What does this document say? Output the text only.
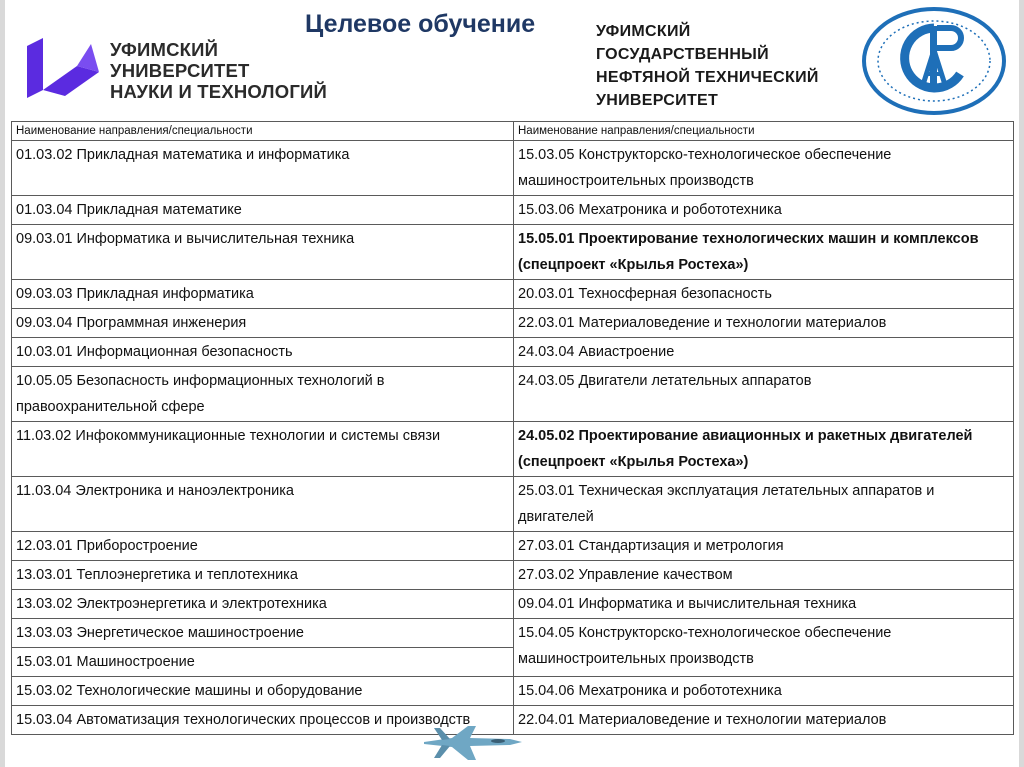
Целевое обучение
УФИМСКИЙ
УНИВЕРСИТЕТ
НАУКИ И ТЕХНОЛОГИЙ
УФИМСКИЙ
ГОСУДАРСТВЕННЫЙ
НЕФТЯНОЙ ТЕХНИЧЕСКИЙ
УНИВЕРСИТЕТ
Наименование направления/специальности	Наименование направления/специальности
01.03.02 Прикладная математика и информатика	15.03.05 Конструкторско-технологическое обеспечение машиностроительных производств
01.03.04 Прикладная математике	15.03.06 Мехатроника и робототехника
09.03.01 Информатика и вычислительная техника	15.05.01 Проектирование технологических машин и комплексов (спецпроект «Крылья Ростеха»)
09.03.03 Прикладная информатика	20.03.01 Техносферная безопасность
09.03.04 Программная инженерия	22.03.01 Материаловедение и технологии материалов
10.03.01 Информационная безопасность	24.03.04 Авиастроение
10.05.05 Безопасность информационных технологий в правоохранительной сфере	24.03.05 Двигатели летательных аппаратов
11.03.02 Инфокоммуникационные технологии и системы связи	24.05.02 Проектирование авиационных и ракетных двигателей (спецпроект «Крылья Ростеха»)
11.03.04 Электроника и наноэлектроника	25.03.01 Техническая эксплуатация летательных аппаратов и двигателей
12.03.01 Приборостроение	27.03.01 Стандартизация и метрология
13.03.01 Теплоэнергетика и теплотехника	27.03.02 Управление качеством
13.03.02 Электроэнергетика и электротехника	09.04.01 Информатика и вычислительная техника
13.03.03 Энергетическое машиностроение	15.04.05 Конструкторско-технологическое обеспечение машиностроительных производств
15.03.01 Машиностроение	
15.03.02 Технологические машины и оборудование	15.04.06 Мехатроника и робототехника
15.03.04 Автоматизация технологических процессов и производств	22.04.01 Материаловедение и технологии материалов
